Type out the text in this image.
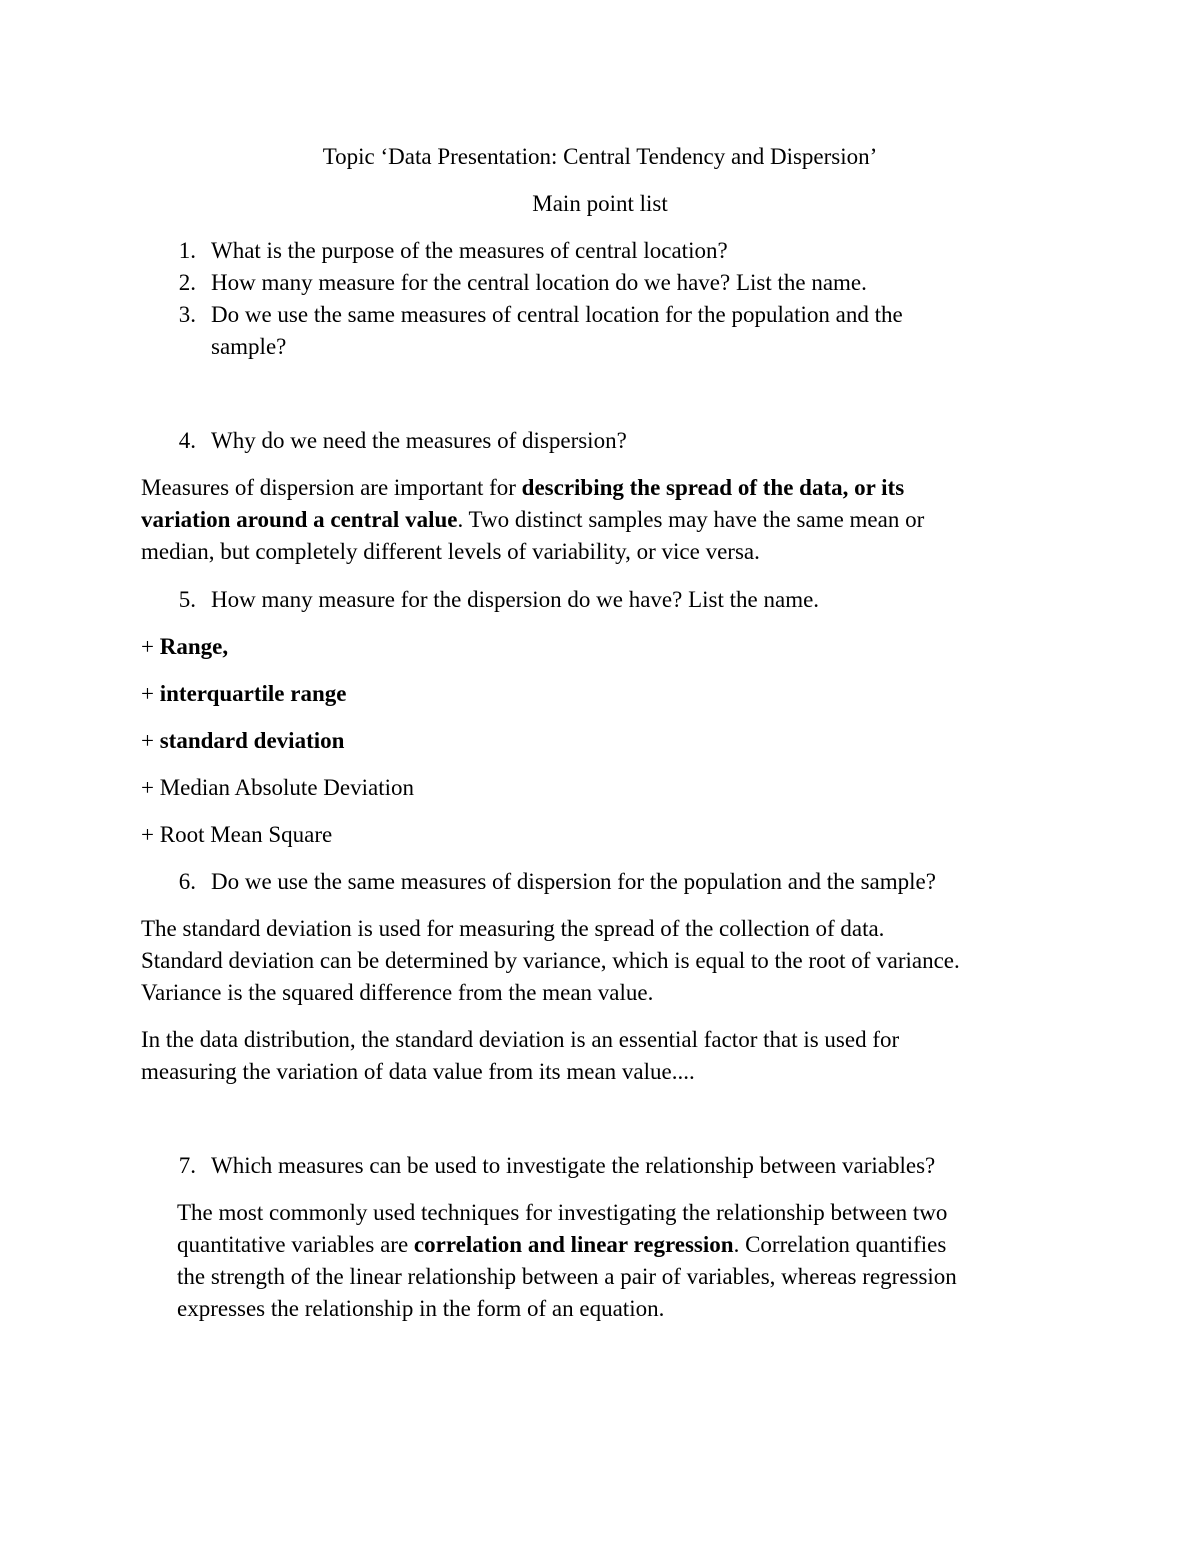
Topic ‘Data Presentation: Central Tendency and Dispersion’
Main point list
1. What is the purpose of the measures of central location?
2. How many measure for the central location do we have? List the name.
3. Do we use the same measures of central location for the population and the
sample?
4. Why do we need the measures of dispersion?
Measures of dispersion are important for describing the spread of the data, or its
variation around a central value. Two distinct samples may have the same mean or
median, but completely different levels of variability, or vice versa.
5. How many measure for the dispersion do we have? List the name.
+ Range,
+ interquartile range
+ standard deviation
+ Median Absolute Deviation
+ Root Mean Square
6. Do we use the same measures of dispersion for the population and the sample?
The standard deviation is used for measuring the spread of the collection of data.
Standard deviation can be determined by variance, which is equal to the root of variance.
Variance is the squared difference from the mean value.
In the data distribution, the standard deviation is an essential factor that is used for
measuring the variation of data value from its mean value....
7. Which measures can be used to investigate the relationship between variables?
The most commonly used techniques for investigating the relationship between two
quantitative variables are correlation and linear regression. Correlation quantifies
the strength of the linear relationship between a pair of variables, whereas regression
expresses the relationship in the form of an equation.
